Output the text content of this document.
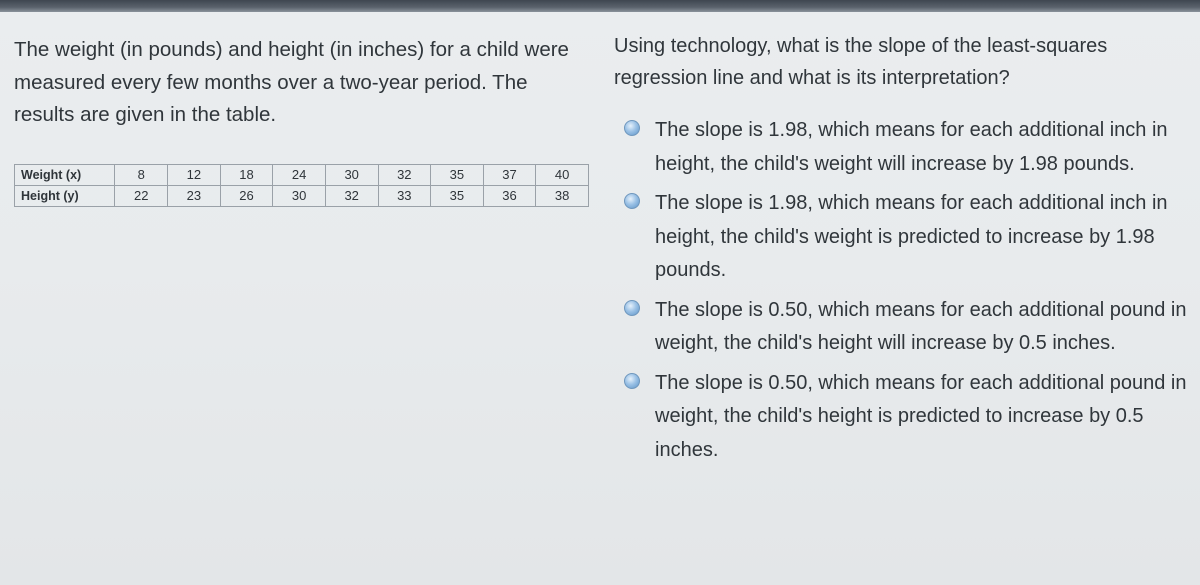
The weight (in pounds) and height (in inches) for a child were measured every few months over a two-year period. The results are given in the table.

Weight (x)	8	12	18	24	30	32	35	37	40
Height (y)	22	23	26	30	32	33	35	36	38

Using technology, what is the slope of the least-squares regression line and what is its interpretation?

The slope is 1.98, which means for each additional inch in height, the child's weight will increase by 1.98 pounds.
The slope is 1.98, which means for each additional inch in height, the child's weight is predicted to increase by 1.98 pounds.
The slope is 0.50, which means for each additional pound in weight, the child's height will increase by 0.5 inches.
The slope is 0.50, which means for each additional pound in weight, the child's height is predicted to increase by 0.5 inches.
